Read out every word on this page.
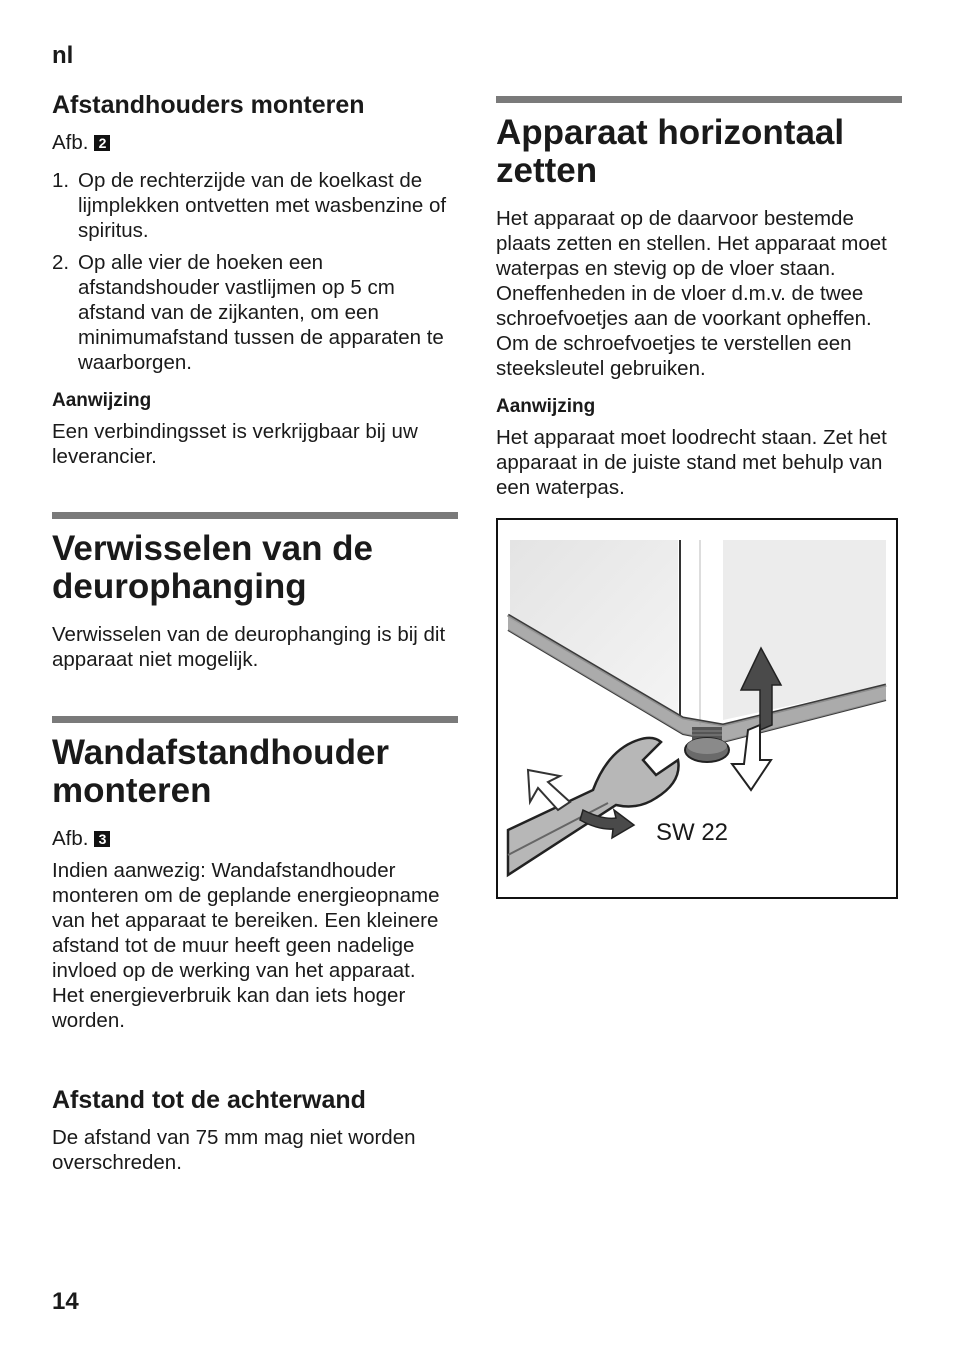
nl
Afstandhouders monteren
Afb. 2
1. Op de rechterzijde van de koelkast de lijmplekken ontvetten met wasbenzine of spiritus.
2. Op alle vier de hoeken een afstandshouder vastlijmen op 5 cm afstand van de zijkanten, om een minimumafstand tussen de apparaten te waarborgen.
Aanwijzing
Een verbindingsset is verkrijgbaar bij uw leverancier.
Verwisselen van de deurophanging
Verwisselen van de deurophanging is bij dit apparaat niet mogelijk.
Wandafstandhouder monteren
Afb. 3
Indien aanwezig: Wandafstandhouder monteren om de geplande energieopname van het apparaat te bereiken. Een kleinere afstand tot de muur heeft geen nadelige invloed op de werking van het apparaat. Het energieverbruik kan dan iets hoger worden.
Afstand tot de achterwand
De afstand van 75 mm mag niet worden overschreden.
Apparaat horizontaal zetten
Het apparaat op de daarvoor bestemde plaats zetten en stellen. Het apparaat moet waterpas en stevig op de vloer staan. Oneffenheden in de vloer d.m.v. de twee schroefvoetjes aan de voorkant opheffen. Om de schroefvoetjes te verstellen een steeksleutel gebruiken.
Aanwijzing
Het apparaat moet loodrecht staan. Zet het apparaat in de juiste stand met behulp van een waterpas.
SW 22
14
